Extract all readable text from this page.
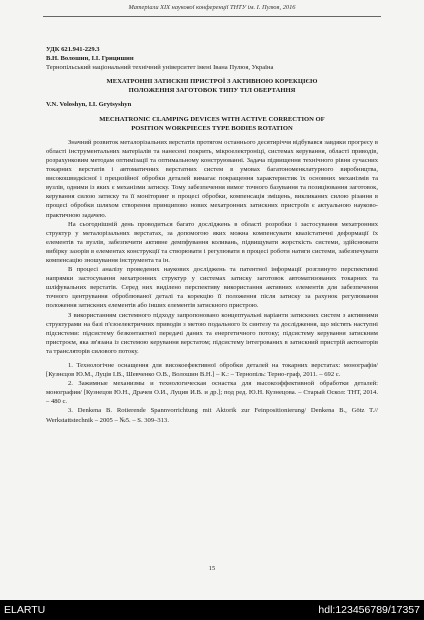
Матеріали XIX наукової конференції ТНТУ ім. І. Пулюя, 2016
УДК 621.941-229.3
В.Н. Волошин, І.І. Грицишин
Тернопільський національний технічний університет імені Івана Пулюя, Україна
МЕХАТРОННІ ЗАТИСКНІ ПРИСТРОЇ З АКТИВНОЮ КОРЕКЦІЄЮ
ПОЛОЖЕННЯ ЗАГОТОВОК ТИПУ ТІЛ ОБЕРТАННЯ
V.N. Voloshyn, I.I. Grytsyshyn
MECHATRONIC CLAMPING DEVICES WITH ACTIVE CORRECTION OF
POSITION WORKPIECES TYPE BODIES ROTATION

Значний розвиток металорізальних верстатів протягом останнього десятиріччя відбувався завдяки прогресу в області інструментальних матеріалів та нанесені покрить, мікроелектроніці, системах керування, області приводів, розрахунковим методам оптимізації та оптимальному конструюванні. Задача підвищення технічного рівня сучасних токарних верстатів і автоматичних верстатних систем в умовах багатономенклатурного виробництва, високошвидкісної і прецизійної обробки деталей вимагає покращення характеристик їх основних механізмів та вузлів, одними із яких є механізми затиску. Тому забезпечення вимог точного базування та позиціювання заготовок, керування силою затиску та її моніторинг в процесі обробки, компенсація зміщень, викликаних силою різання в процесі обробки шляхом створення принципово нових мехатронних затискних пристроїв є актуальною науково-практичною задачею.

На сьогоднішній день проводиться багато досліджень в області розробки і застосування мехатронних структур у металорізальних верстатах, за допомогою яких можна компенсувати квазістатичні деформації їх елементів та вузлів, забезпечити активне демпфування коливань, підвищувати жорсткість системи, здійснювати вибірку зазорів в елементах конструкції та створювати і регулювати в процесі роботи натяги системи, забезпечувати компенсацію зношування інструмента та ін.

В процесі аналізу проведених наукових досліджень та патентної інформації розглянуто перспективні напрямки застосування мехатронних структур у системах затиску заготовок автоматизованих токарних та шліфувальних верстатів. Серед них виділено перспективу використання активних елементів для забезпечення точного центрування оброблюваної деталі та корекцію її положення після затиску за рахунок регулювання положення затискних елементів або інших елементів затискного пристрою.

З використанням системного підходу запропоновано концептуальні варіанти затискних систем з активними структурами на базі п'єзоелектричних приводів з метою подального їх синтезу та дослідження, що містять наступні підсистеми: підсистему безконтактної передачі даних та енергетичного потоку; підсистему керування затискним пристроєм, яка зв'язана із системою керування верстатом; підсистему інтегрованих в затискний пристрій актюаторів та трансляторів силового потоку.

1. Технологічне оснащення для високоефективної обробки деталей на токарних верстатах: монографія/ [Кузнєцов Ю.М., Луців І.В., Шевченко О.В., Волошин В.Н.] – К.: – Тернопіль: Терно-граф, 2011. – 692 с.

2. Зажимные механизмы и технологическая оснастка для высокоэффективной обработки деталей: монография/ [Кузнецов Ю.Н., Драчев О.И., Луцив И.В. и др.]; под ред. Ю.Н. Кузнецова. – Старый Оскол: ТНТ, 2014. – 480 с.

3. Denkena B. Rotierende Spannvorrichtung mit Aktorik zur Feinpositionierung/ Denkena B., Götz T.// Werkstattstechnik – 2005 – №5. – S. 309–313.

15
ELARTU	hdl:123456789/17357
